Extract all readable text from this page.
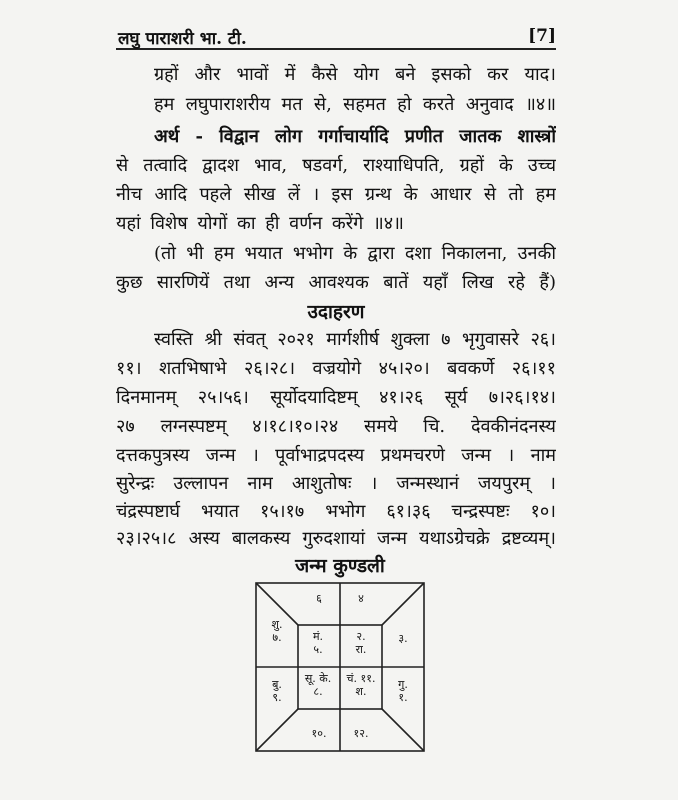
लघु पाराशरी भा. टी.	[7]
ग्रहों और भावों में कैसे योग बने इसको कर याद।
हम लघुपाराशरीय मत से, सहमत हो करते अनुवाद ॥४॥
अर्थ - विद्वान लोग गर्गाचार्यादि प्रणीत जातक शास्त्रों
से तत्वादि द्वादश भाव, षडवर्ग, राश्याधिपति, ग्रहों के उच्च
नीच आदि पहले सीख लें । इस ग्रन्थ के आधार से तो हम
यहां विशेष योगों का ही वर्णन करेंगे ॥४॥
(तो भी हम भयात भभोग के द्वारा दशा निकालना, उनकी
कुछ सारणियें तथा अन्य आवश्यक बातें यहाँ लिख रहे हैं)
उदाहरण
स्वस्ति श्री संवत् २०२१ मार्गशीर्ष शुक्ला ७ भृगुवासरे २६।
११। शतभिषाभे २६।२८। वज्रयोगे ४५।२०। बवकर्णे २६।११
दिनमानम् २५।५६। सूर्योदयादिष्टम् ४१।२६ सूर्य ७।२६।१४।
२७ लग्नस्पष्टम् ४।१८।१०।२४ समये चि. देवकीनंदनस्य
दत्तकपुत्रस्य जन्म । पूर्वाभाद्रपदस्य प्रथमचरणे जन्म । नाम
सुरेन्द्रः उल्लापन नाम आशुतोषः । जन्मस्थानं जयपुरम् ।
चंद्रस्पष्टार्घ भयात १५।१७ भभोग ६१।३६ चन्द्रस्पष्टः १०।
२३।२५।८ अस्य बालकस्य गुरुदशायां जन्म यथाऽग्रेचक्रे द्रष्टव्यम्।
जन्म कुण्डली
६	४
शु.
७.	मं.
५.
२.
रा.
३.
बु.
९.
सू. के.
८.
चं. ११.
श.
गु.
१.
१०.	१२.
